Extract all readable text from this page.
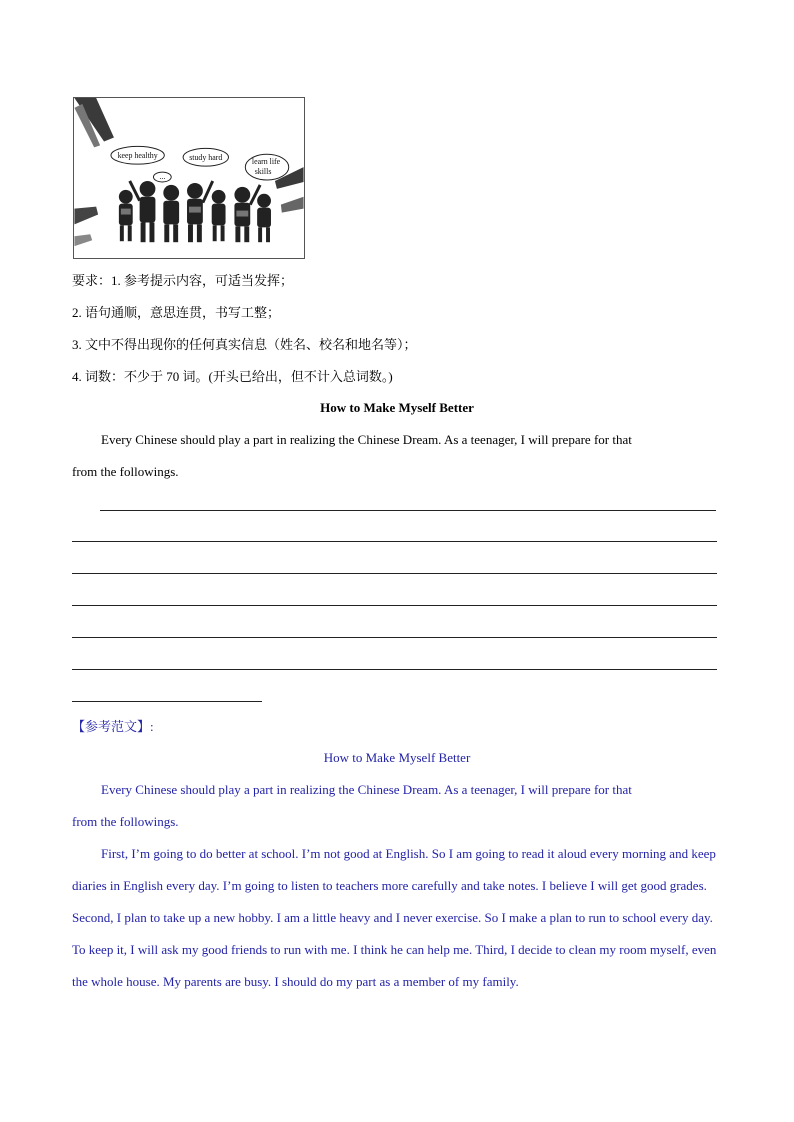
keep healthy	study hard	learn life
skills
...
要求：1. 参考提示内容，可适当发挥；
2. 语句通顺，意思连贯，书写工整；
3. 文中不得出现你的任何真实信息（姓名、校名和地名等）；
4. 词数：不少于 70 词。(开头已给出，但不计入总词数。)
How to Make Myself Better
Every Chinese should play a part in realizing the Chinese Dream. As a teenager, I will prepare for that
from the followings.
【参考范文】:
How to Make Myself Better
Every Chinese should play a part in realizing the Chinese Dream. As a teenager, I will prepare for that
from the followings.
First, I’m going to do better at school. I’m not good at English. So I am going to read it aloud every morning and keep diaries in English every day. I’m going to listen to teachers more carefully and take notes. I believe I will get good grades. Second, I plan to take up a new hobby. I am a little heavy and I never exercise. So I make a plan to run to school every day. To keep it, I will ask my good friends to run with me. I think he can help me. Third, I decide to clean my room myself, even the whole house. My parents are busy. I should do my part as a member of my family.
